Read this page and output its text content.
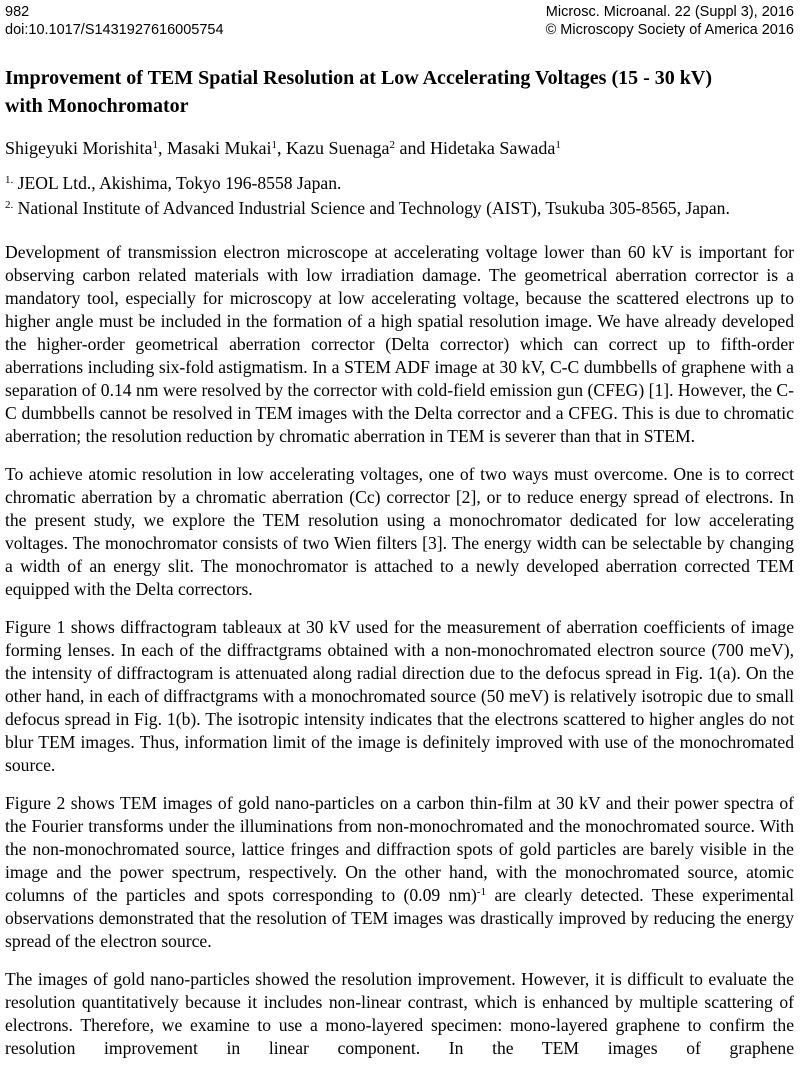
982
doi:10.1017/S1431927616005754
Microsc. Microanal. 22 (Suppl 3), 2016
© Microscopy Society of America 2016
Improvement of TEM Spatial Resolution at Low Accelerating Voltages (15 - 30 kV)
with Monochromator

Shigeyuki Morishita$^1$, Masaki Mukai$^1$, Kazu Suenaga$^2$ and Hidetaka Sawada$^1$

$^{1.}$ JEOL Ltd., Akishima, Tokyo 196-8558 Japan.

$^{2.}$ National Institute of Advanced Industrial Science and Technology (AIST), Tsukuba 305-8565, Japan.

Development of transmission electron microscope at accelerating voltage lower than 60 kV is important for observing carbon related materials with low irradiation damage. The geometrical aberration corrector is a mandatory tool, especially for microscopy at low accelerating voltage, because the scattered electrons up to higher angle must be included in the formation of a high spatial resolution image. We have already developed the higher-order geometrical aberration corrector (Delta corrector) which can correct up to fifth-order aberrations including six-fold astigmatism. In a STEM ADF image at 30 kV, C-C dumbbells of graphene with a separation of 0.14 nm were resolved by the corrector with cold-field emission gun (CFEG) [1]. However, the C-C dumbbells cannot be resolved in TEM images with the Delta corrector and a CFEG. This is due to chromatic aberration; the resolution reduction by chromatic aberration in TEM is severer than that in STEM.

To achieve atomic resolution in low accelerating voltages, one of two ways must overcome. One is to correct chromatic aberration by a chromatic aberration (Cc) corrector [2], or to reduce energy spread of electrons. In the present study, we explore the TEM resolution using a monochromator dedicated for low accelerating voltages. The monochromator consists of two Wien filters [3]. The energy width can be selectable by changing a width of an energy slit. The monochromator is attached to a newly developed aberration corrected TEM equipped with the Delta correctors.

Figure 1 shows diffractogram tableaux at 30 kV used for the measurement of aberration coefficients of image forming lenses. In each of the diffractgrams obtained with a non-monochromated electron source (700 meV), the intensity of diffractogram is attenuated along radial direction due to the defocus spread in Fig. 1(a). On the other hand, in each of diffractgrams with a monochromated source (50 meV) is relatively isotropic due to small defocus spread in Fig. 1(b). The isotropic intensity indicates that the electrons scattered to higher angles do not blur TEM images. Thus, information limit of the image is definitely improved with use of the monochromated source.

Figure 2 shows TEM images of gold nano-particles on a carbon thin-film at 30 kV and their power spectra of the Fourier transforms under the illuminations from non-monochromated and the monochromated source. With the non-monochromated source, lattice fringes and diffraction spots of gold particles are barely visible in the image and the power spectrum, respectively. On the other hand, with the monochromated source, atomic columns of the particles and spots corresponding to (0.09 nm)$^{-1}$ are clearly detected. These experimental observations demonstrated that the resolution of TEM images was drastically improved by reducing the energy spread of the electron source.

The images of gold nano-particles showed the resolution improvement. However, it is difficult to evaluate the resolution quantitatively because it includes non-linear contrast, which is enhanced by multiple scattering of electrons. Therefore, we examine to use a mono-layered specimen: mono-layered graphene to confirm the resolution improvement in linear component. In the TEM images of graphene
